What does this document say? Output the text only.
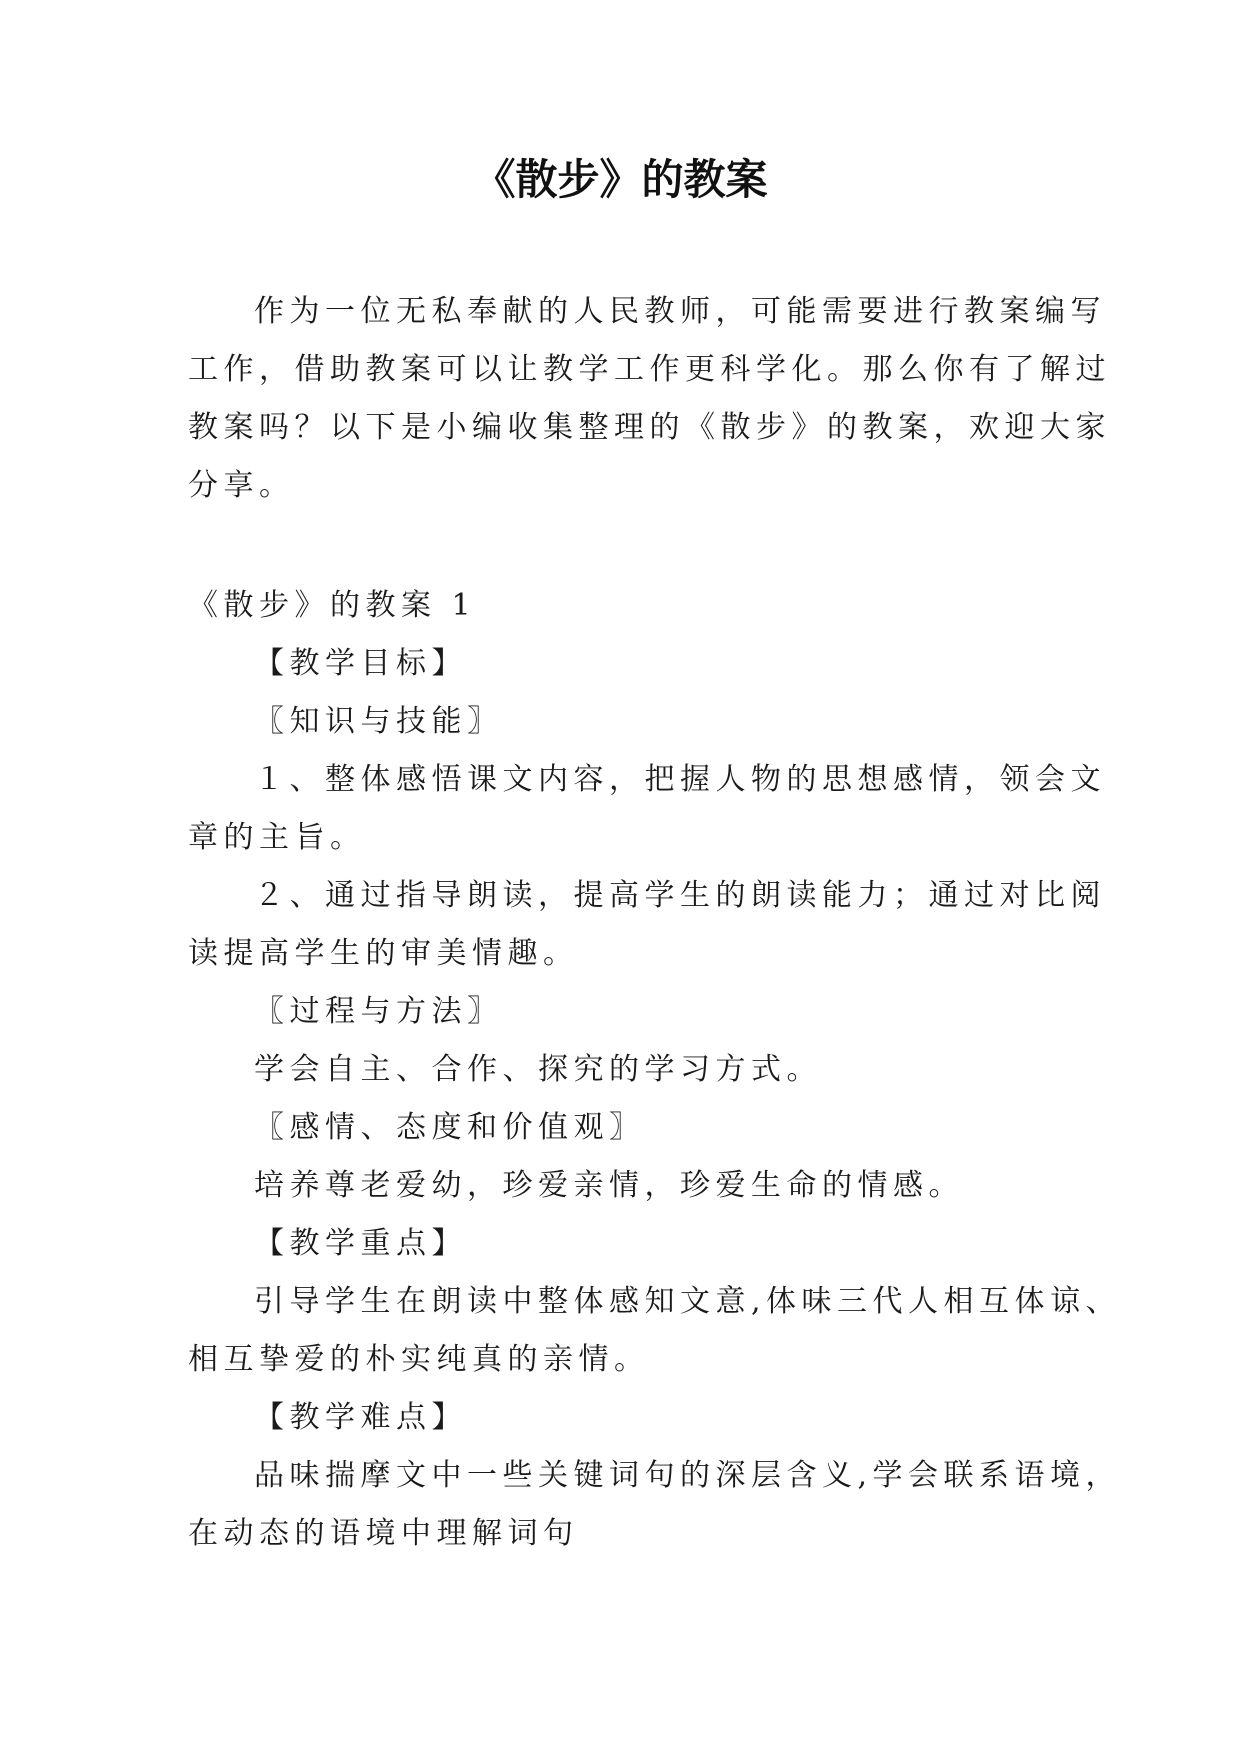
《散步》的教案
作为一位无私奉献的人民教师，可能需要进行教案编写
工作，借助教案可以让教学工作更科学化。那么你有了解过
教案吗？以下是小编收集整理的《散步》的教案，欢迎大家
分享。
《散步》的教案 1
【教学目标】
〖知识与技能〗
１、整体感悟课文内容，把握人物的思想感情，领会文
章的主旨。
２、通过指导朗读，提高学生的朗读能力；通过对比阅
读提高学生的审美情趣。
〖过程与方法〗
学会自主、合作、探究的学习方式。
〖感情、态度和价值观〗
培养尊老爱幼，珍爱亲情，珍爱生命的情感。
【教学重点】
引导学生在朗读中整体感知文意,体味三代人相互体谅、
相互挚爱的朴实纯真的亲情。
【教学难点】
品味揣摩文中一些关键词句的深层含义,学会联系语境，
在动态的语境中理解词句
